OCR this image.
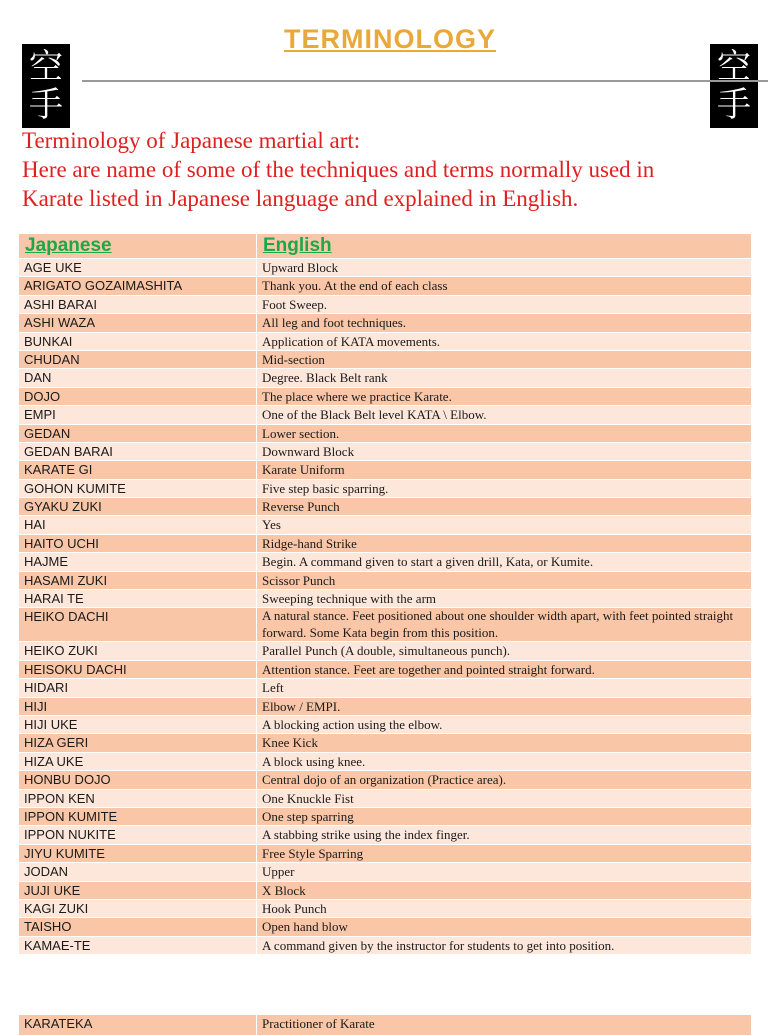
空
手
空
手
TERMINOLOGY
Terminology of Japanese martial art:
Here are name of some of the techniques and terms normally used in
Karate listed in Japanese language and explained in English.
Japanese	English
AGE UKE	Upward Block
ARIGATO GOZAIMASHITA	Thank you. At the end of each class
ASHI BARAI	Foot Sweep.
ASHI WAZA	All leg and foot techniques.
BUNKAI	Application of KATA movements.
CHUDAN	Mid-section
DAN	Degree. Black Belt rank
DOJO	The place where we practice Karate.
EMPI	One of the Black Belt level KATA \ Elbow.
GEDAN	Lower section.
GEDAN BARAI	Downward Block
KARATE GI	Karate Uniform
GOHON KUMITE	Five step basic sparring.
GYAKU ZUKI	Reverse Punch
HAI	Yes
HAITO UCHI	Ridge-hand Strike
HAJME	Begin. A command given to start a given drill, Kata, or Kumite.
HASAMI ZUKI	Scissor Punch
HARAI TE	Sweeping technique with the arm
HEIKO DACHI	A natural stance. Feet positioned about one shoulder width apart, with feet pointed straight forward. Some Kata begin from this position.
HEIKO ZUKI	Parallel Punch (A double, simultaneous punch).
HEISOKU DACHI	Attention stance. Feet are together and pointed straight forward.
HIDARI	Left
HIJI	Elbow / EMPI.
HIJI UKE	A blocking action using the elbow.
HIZA GERI	Knee Kick
HIZA UKE	A block using knee.
HONBU DOJO	Central dojo of an organization (Practice area).
IPPON KEN	One Knuckle Fist
IPPON KUMITE	One step sparring
IPPON NUKITE	A stabbing strike using the index finger.
JIYU KUMITE	Free Style Sparring
JODAN	Upper
JUJI UKE	X Block
KAGI ZUKI	Hook Punch
TAISHO	Open hand blow
KAMAE-TE	A command given by the instructor for students to get into position.
KARATEKA	Practitioner of Karate
